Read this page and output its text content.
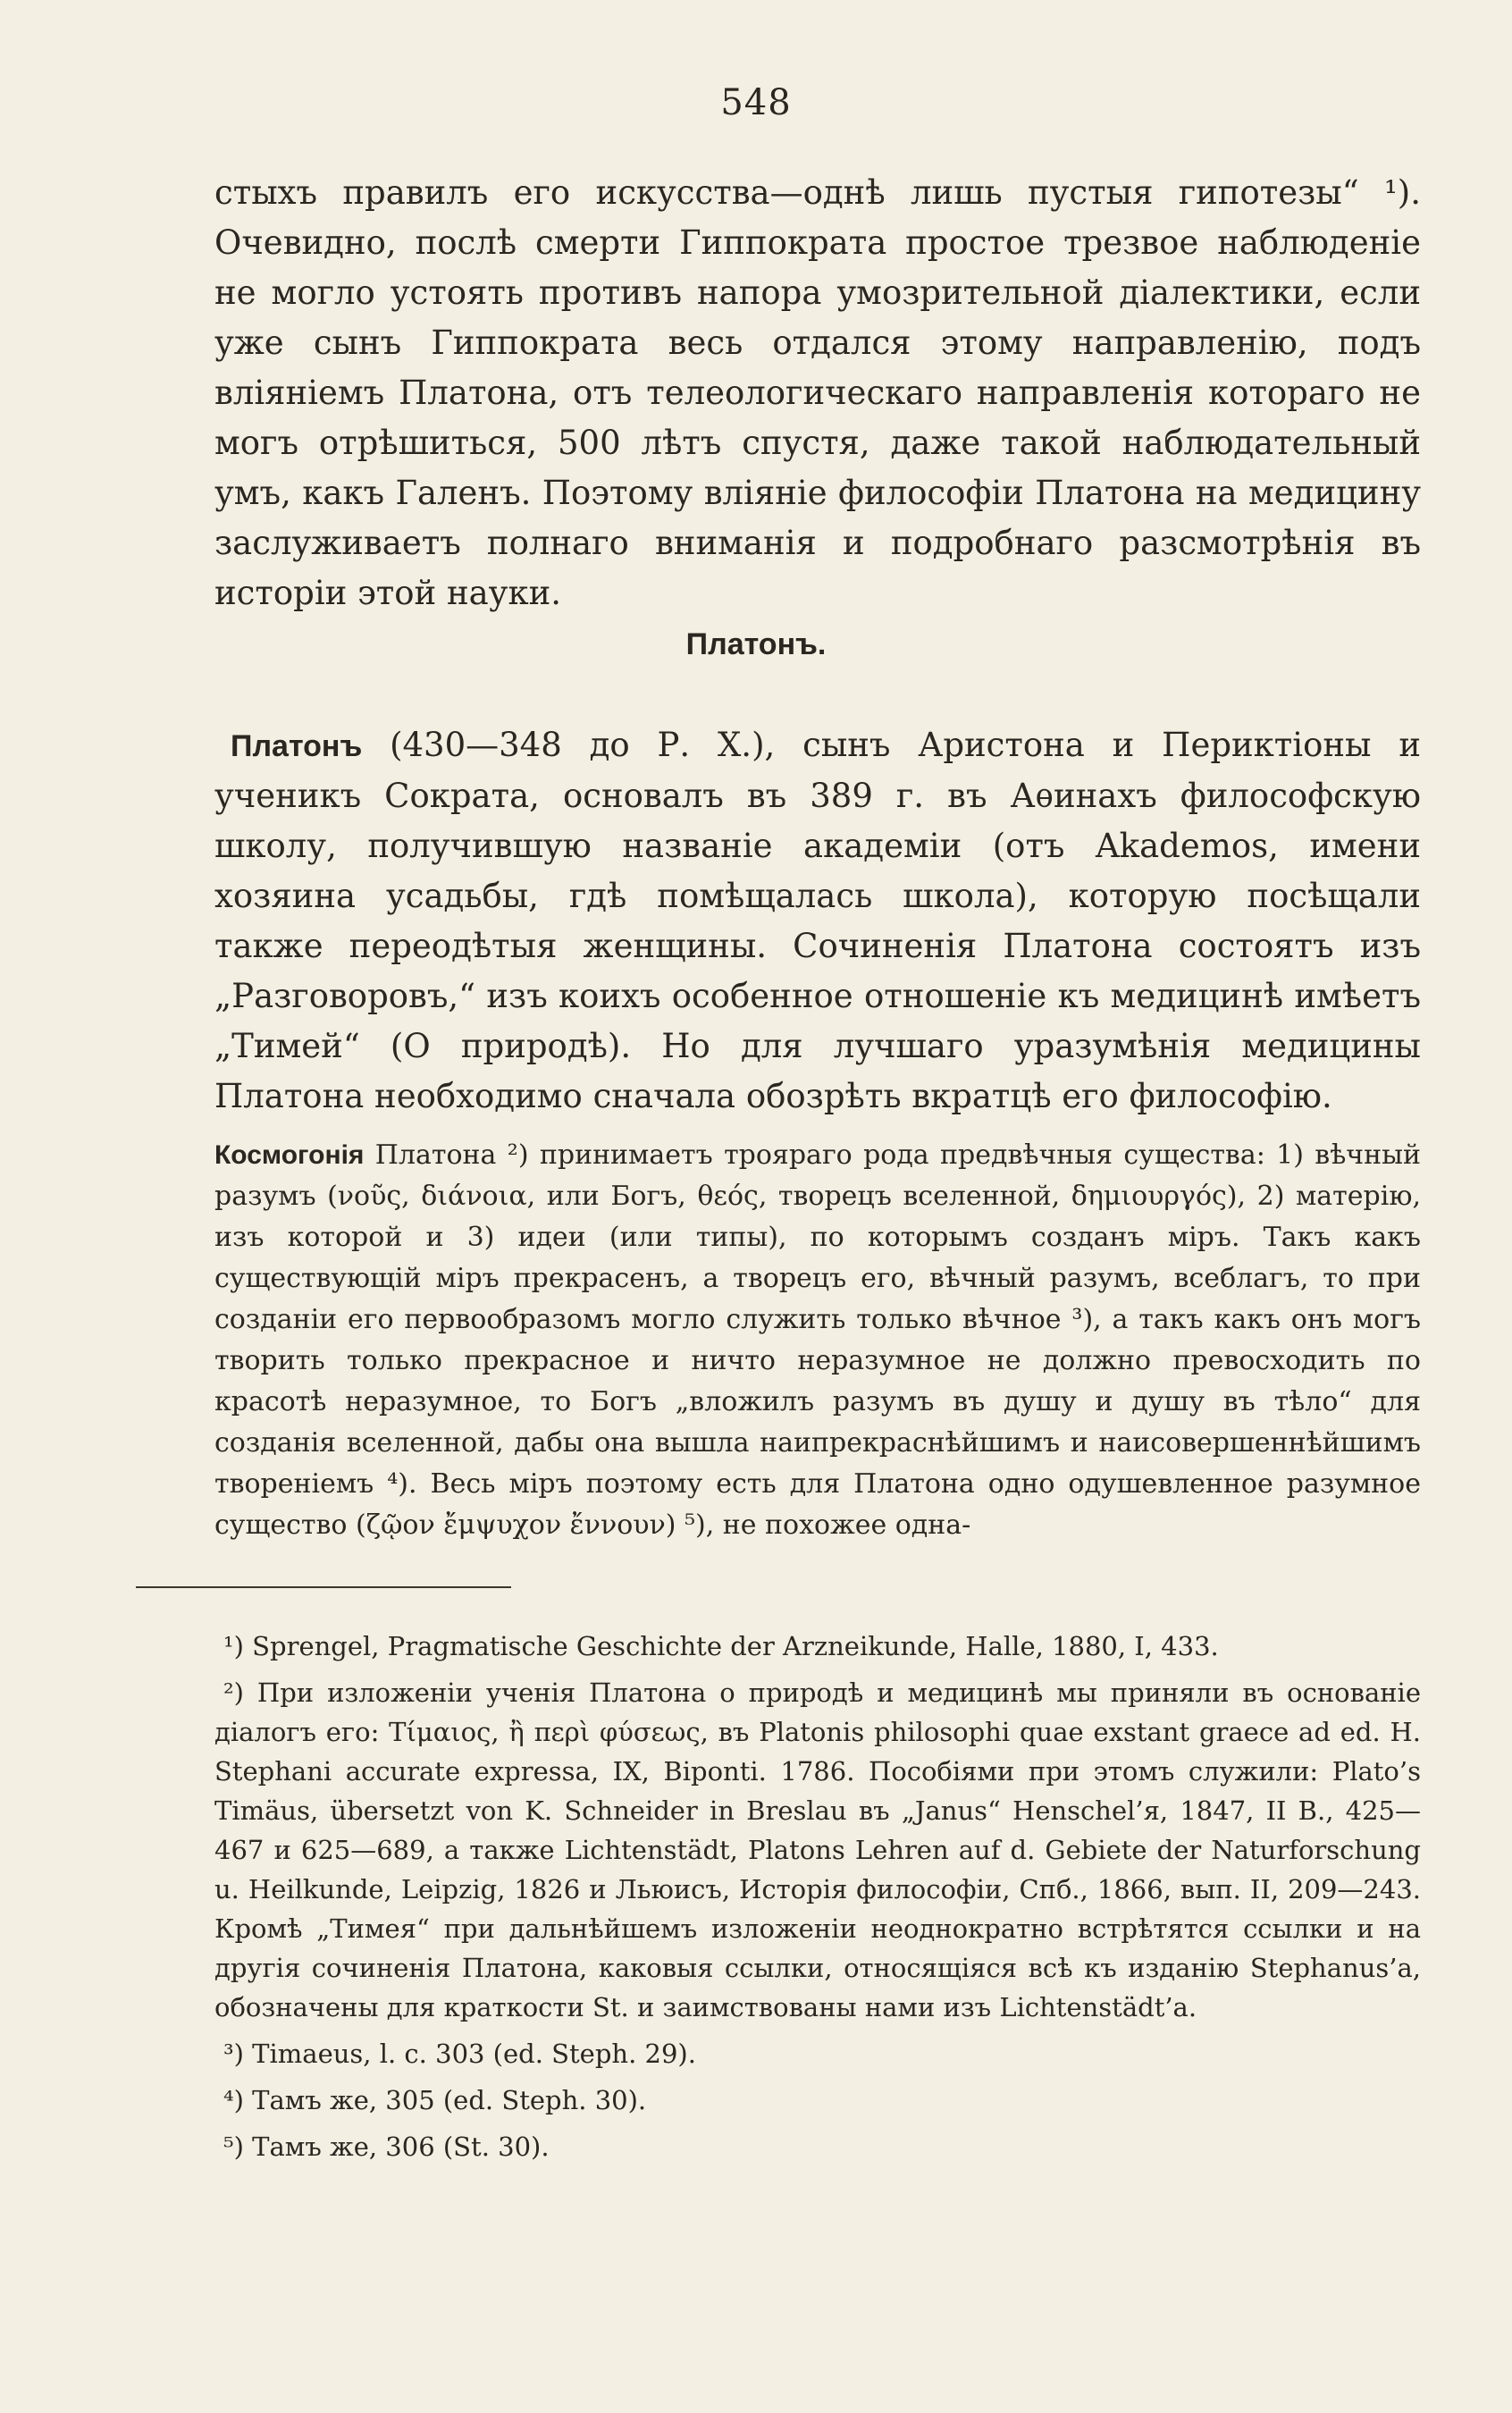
548

стыхъ правилъ его искусства—однѣ лишь пустыя гипотезы“ ¹). Очевидно, послѣ смерти Гиппократа простое трезвое наблюденіе не могло устоять противъ напора умозрительной діалектики, если уже сынъ Гиппократа весь отдался этому направленію, подъ вліяніемъ Платона, отъ телеологическаго направленія котораго не могъ отрѣшиться, 500 лѣтъ спустя, даже такой наблюдательный умъ, какъ Галенъ. Поэтому вліяніе философіи Платона на медицину заслуживаетъ полнаго вниманія и подробнаго разсмотрѣнія въ исторіи этой науки.

Платонъ.

Платонъ (430—348 до Р. Х.), сынъ Аристона и Периктіоны и ученикъ Сократа, основалъ въ 389 г. въ Аѳинахъ философскую школу, получившую названіе академіи (отъ Akademos, имени хозяина усадьбы, гдѣ помѣщалась школа), которую посѣщали также переодѣтыя женщины. Сочиненія Платона состоятъ изъ „Разговоровъ,“ изъ коихъ особенное отношеніе къ медицинѣ имѣетъ „Тимей“ (О природѣ). Но для лучшаго уразумѣнія медицины Платона необходимо сначала обозрѣть вкратцѣ его философію.

Космогонія Платона ²) принимаетъ трояраго рода предвѣчныя существа: 1) вѣчный разумъ (νοῦς, διάνοια, или Богъ, θεός, творецъ вселенной, δημιουργός), 2) матерію, изъ которой и 3) идеи (или типы), по которымъ созданъ міръ. Такъ какъ существующій міръ прекрасенъ, а творецъ его, вѣчный разумъ, всеблагъ, то при созданіи его первообразомъ могло служить только вѣчное ³), а такъ какъ онъ могъ творить только прекрасное и ничто неразумное не должно превосходить по красотѣ неразумное, то Богъ „вложилъ разумъ въ душу и душу въ тѣло“ для созданія вселенной, дабы она вышла наипрекраснѣйшимъ и наисовершеннѣйшимъ твореніемъ ⁴). Весь міръ поэтому есть для Платона одно одушевленное разумное существо (ζῷον ἔμψυχον ἔννουν) ⁵), не похожее одна-

¹) Sprengel, Pragmatische Geschichte der Arzneikunde, Halle, 1880, I, 433.

²) При изложеніи ученія Платона о природѣ и медицинѣ мы приняли въ основаніе діалогъ его: Τίμαιος, ἢ περὶ φύσεως, въ Platonis philosophi quae exstant graece ad ed. H. Stephani accurate expressa, IX, Biponti. 1786. Пособіями при этомъ служили: Plato’s Timäus, übersetzt von K. Schneider in Breslau въ „Janus“ Henschel’я, 1847, II B., 425—467 и 625—689, а также Lichtenstädt, Platons Lehren auf d. Gebiete der Naturforschung u. Heilkunde, Leipzig, 1826 и Льюисъ, Исторія философіи, Спб., 1866, вып. II, 209—243. Кромѣ „Тимея“ при дальнѣйшемъ изложеніи неоднократно встрѣтятся ссылки и на другія сочиненія Платона, каковыя ссылки, относящіяся всѣ къ изданію Stephanus’а, обозначены для краткости St. и заимствованы нами изъ Lichtenstädt’а.

³) Timaeus, l. c. 303 (ed. Steph. 29).

⁴) Тамъ же, 305 (ed. Steph. 30).

⁵) Тамъ же, 306 (St. 30).
